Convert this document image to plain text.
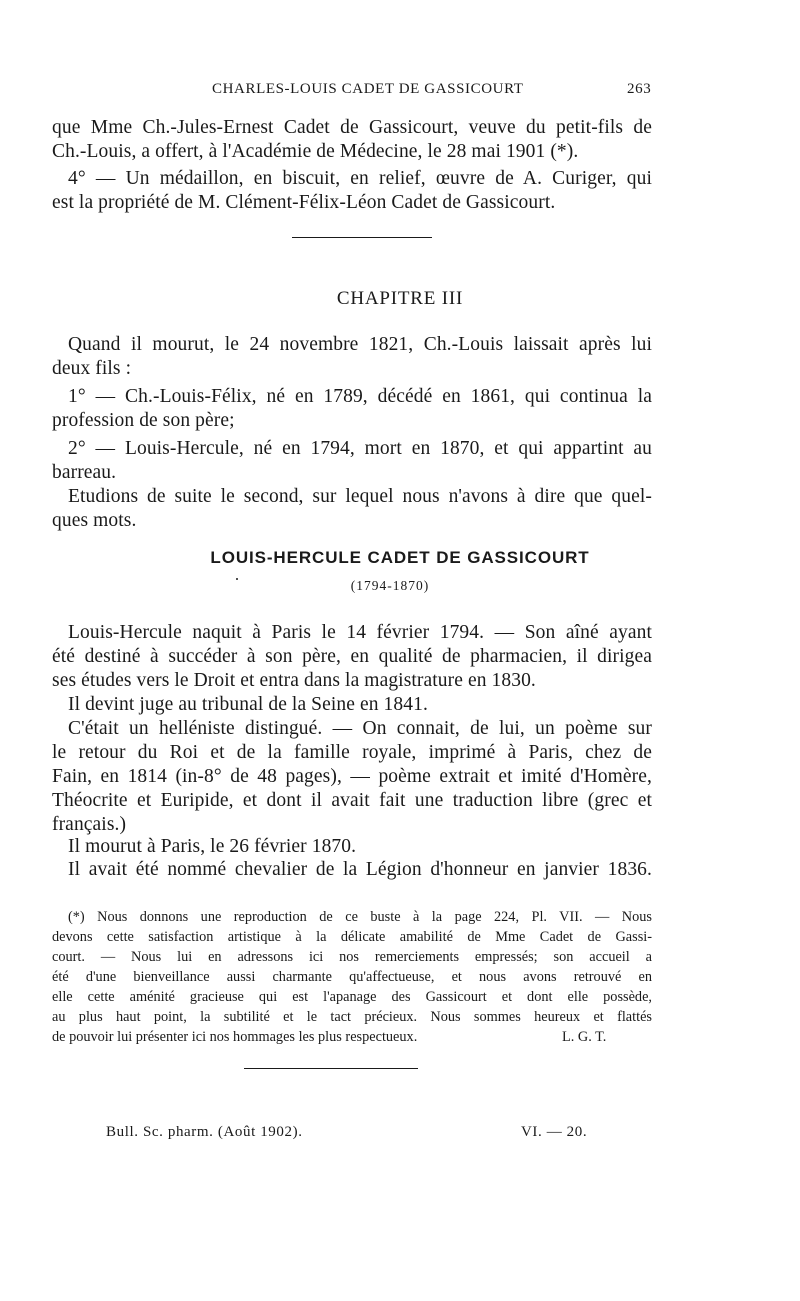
CHARLES-LOUIS CADET DE GASSICOURT	263
que Mme Ch.-Jules-Ernest Cadet de Gassicourt, veuve du petit-fils de
Ch.-Louis, a offert, à l'Académie de Médecine, le 28 mai 1901 (*).
4° — Un médaillon, en biscuit, en relief, œuvre de A. Curiger, qui
est la propriété de M. Clément-Félix-Léon Cadet de Gassicourt.
CHAPITRE III
Quand il mourut, le 24 novembre 1821, Ch.-Louis laissait après lui
deux fils :
1° — Ch.-Louis-Félix, né en 1789, décédé en 1861, qui continua la
profession de son père;
2° — Louis-Hercule, né en 1794, mort en 1870, et qui appartint au
barreau.
Etudions de suite le second, sur lequel nous n'avons à dire que quel-
ques mots.
LOUIS-HERCULE CADET DE GASSICOURT
(1794-1870)
Louis-Hercule naquit à Paris le 14 février 1794. — Son aîné ayant
été destiné à succéder à son père, en qualité de pharmacien, il dirigea
ses études vers le Droit et entra dans la magistrature en 1830.
Il devint juge au tribunal de la Seine en 1841.
C'était un helléniste distingué. — On connait, de lui, un poème sur
le retour du Roi et de la famille royale, imprimé à Paris, chez de
Fain, en 1814 (in-8° de 48 pages), — poème extrait et imité d'Homère,
Théocrite et Euripide, et dont il avait fait une traduction libre (grec et
français.)
Il mourut à Paris, le 26 février 1870.
Il avait été nommé chevalier de la Légion d'honneur en janvier 1836.
(*) Nous donnons une reproduction de ce buste à la page 224, Pl. VII. — Nous
devons cette satisfaction artistique à la délicate amabilité de Mme Cadet de Gassi-
court. — Nous lui en adressons ici nos remerciements empressés; son accueil a
été d'une bienveillance aussi charmante qu'affectueuse, et nous avons retrouvé en
elle cette aménité gracieuse qui est l'apanage des Gassicourt et dont elle possède,
au plus haut point, la subtilité et le tact précieux. Nous sommes heureux et flattés
de pouvoir lui présenter ici nos hommages les plus respectueux.	L. G. T.
Bull. Sc. pharm. (Août 1902).	VI. — 20.
